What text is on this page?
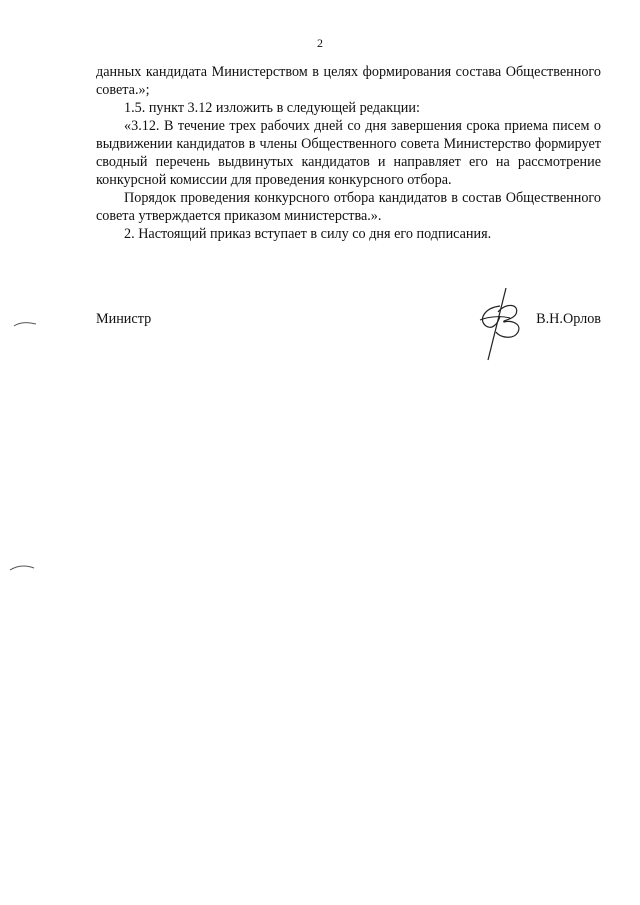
2

данных кандидата Министерством в целях формирования состава Общественного совета.»;

1.5. пункт 3.12 изложить в следующей редакции:

«3.12. В течение трех рабочих дней со дня завершения срока приема писем о выдвижении кандидатов в члены Общественного совета Министерство формирует сводный перечень выдвинутых кандидатов и направляет его на рассмотрение конкурсной комиссии для проведения конкурсного отбора.

Порядок проведения конкурсного отбора кандидатов в состав Общественного совета утверждается приказом министерства.».

2. Настоящий приказ вступает в силу со дня его подписания.

Министр	В.Н.Орлов
